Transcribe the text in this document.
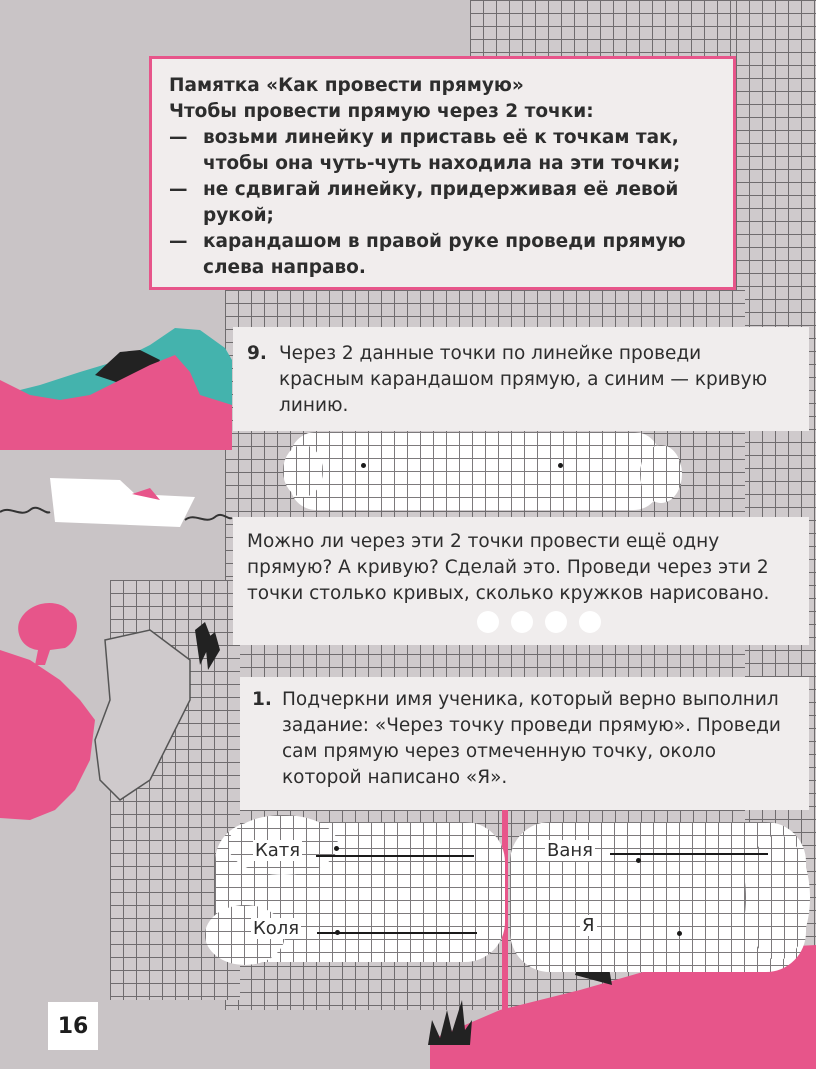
Памятка «Как провести прямую»
Чтобы провести прямую через 2 точки:
— возьми линейку и приставь её к точкам так, чтобы она чуть-чуть находила на эти точки;
— не сдвигай линейку, придерживая её левой рукой;
— карандашом в правой руке проведи прямую слева направо.
9. Через 2 данные точки по линейке проведи красным карандашом прямую, а синим — кривую линию.
Можно ли через эти 2 точки провести ещё одну прямую? А кривую? Сделай это. Проведи через эти 2 точки столько кривых, сколько кружков нарисовано.
1. Подчеркни имя ученика, который верно выполнил задание: «Через точку проведи прямую». Проведи сам прямую через отмеченную точку, около которой написано «Я».
Катя	Ваня
Коля	Я
16
